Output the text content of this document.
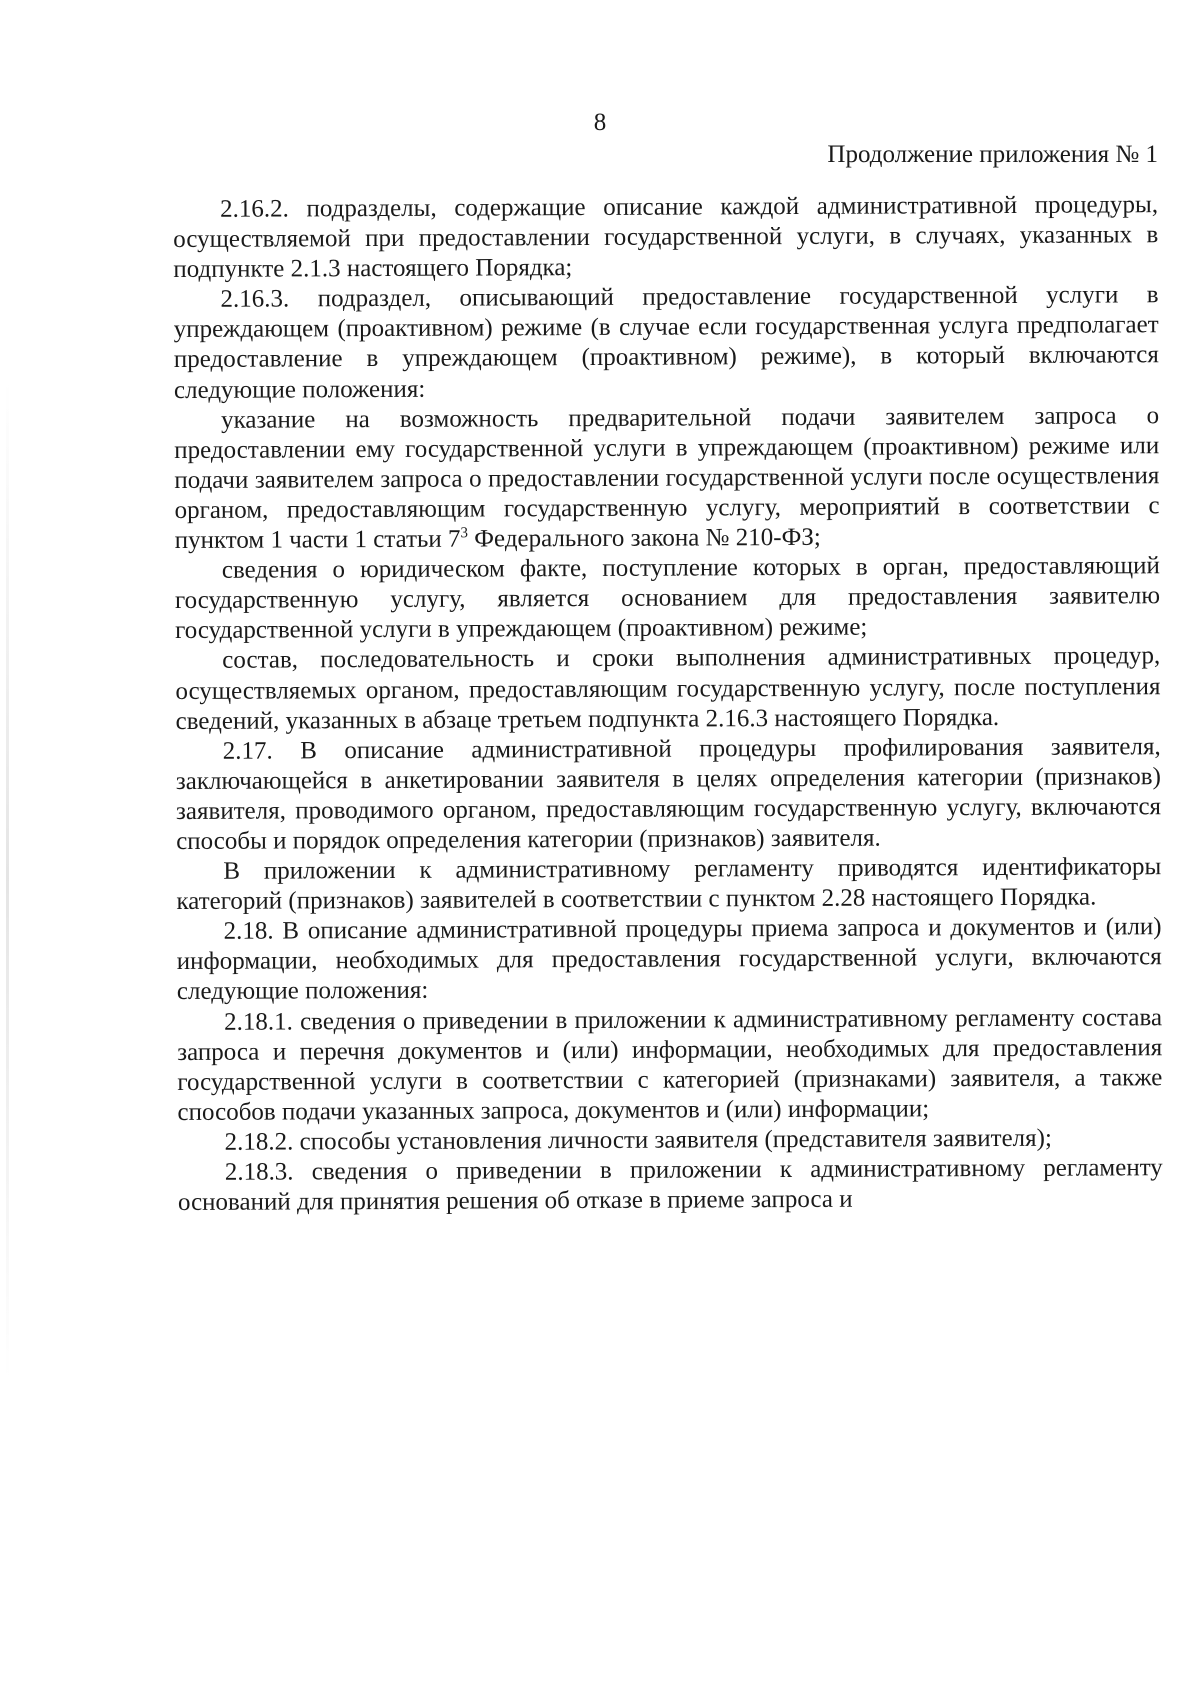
8
Продолжение приложения № 1

2.16.2. подразделы, содержащие описание каждой административной процедуры, осуществляемой при предоставлении государственной услуги, в случаях, указанных в подпункте 2.1.3 настоящего Порядка;

2.16.3. подраздел, описывающий предоставление государственной услуги в упреждающем (проактивном) режиме (в случае если государственная услуга предполагает предоставление в упреждающем (проактивном) режиме), в который включаются следующие положения:

указание на возможность предварительной подачи заявителем запроса о предоставлении ему государственной услуги в упреждающем (проактивном) режиме или подачи заявителем запроса о предоставлении государственной услуги после осуществления органом, предоставляющим государственную услугу, мероприятий в соответствии с пунктом 1 части 1 статьи $7^3$ Федерального закона № 210-ФЗ;

сведения о юридическом факте, поступление которых в орган, предоставляющий государственную услугу, является основанием для предоставления заявителю государственной услуги в упреждающем (проактивном) режиме;

состав, последовательность и сроки выполнения административных процедур, осуществляемых органом, предоставляющим государственную услугу, после поступления сведений, указанных в абзаце третьем подпункта 2.16.3 настоящего Порядка.

2.17. В описание административной процедуры профилирования заявителя, заключающейся в анкетировании заявителя в целях определения категории (признаков) заявителя, проводимого органом, предоставляющим государственную услугу, включаются способы и порядок определения категории (признаков) заявителя.

В приложении к административному регламенту приводятся идентификаторы категорий (признаков) заявителей в соответствии с пунктом 2.28 настоящего Порядка.

2.18. В описание административной процедуры приема запроса и документов и (или) информации, необходимых для предоставления государственной услуги, включаются следующие положения:

2.18.1. сведения о приведении в приложении к административному регламенту состава запроса и перечня документов и (или) информации, необходимых для предоставления государственной услуги в соответствии с категорией (признаками) заявителя, а также способов подачи указанных запроса, документов и (или) информации;

2.18.2. способы установления личности заявителя (представителя заявителя);

2.18.3. сведения о приведении в приложении к административному регламенту оснований для принятия решения об отказе в приеме запроса и
